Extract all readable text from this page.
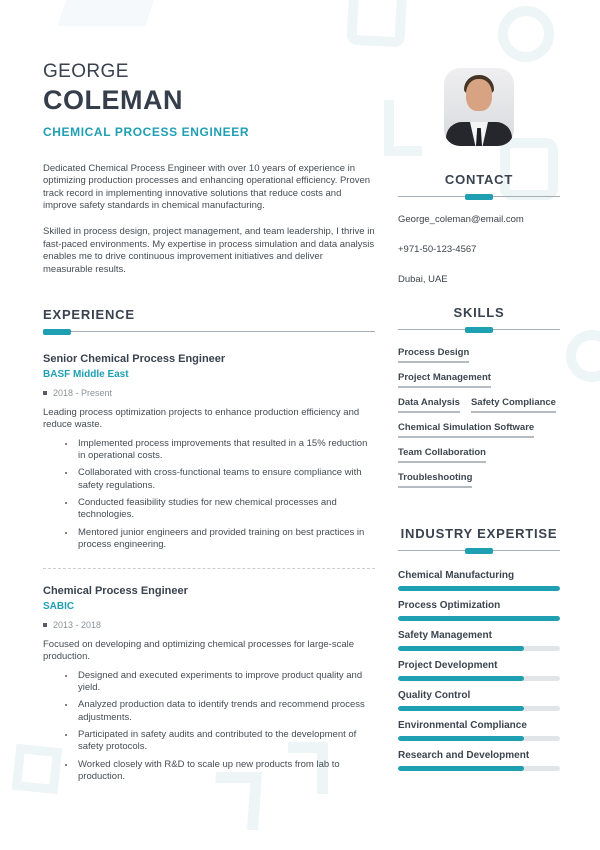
GEORGE
COLEMAN
CHEMICAL PROCESS ENGINEER

Dedicated Chemical Process Engineer with over 10 years of experience in optimizing production processes and enhancing operational efficiency. Proven track record in implementing innovative solutions that reduce costs and improve safety standards in chemical manufacturing.

Skilled in process design, project management, and team leadership, I thrive in fast-paced environments. My expertise in process simulation and data analysis enables me to drive continuous improvement initiatives and deliver measurable results.

EXPERIENCE
Senior Chemical Process Engineer
BASF Middle East
2018 - Present
Leading process optimization projects to enhance production efficiency and reduce waste.
• Implemented process improvements that resulted in a 15% reduction in operational costs.
• Collaborated with cross-functional teams to ensure compliance with safety regulations.
• Conducted feasibility studies for new chemical processes and technologies.
• Mentored junior engineers and provided training on best practices in process engineering.
Chemical Process Engineer
SABIC
2013 - 2018
Focused on developing and optimizing chemical processes for large-scale production.
• Designed and executed experiments to improve product quality and yield.
• Analyzed production data to identify trends and recommend process adjustments.
• Participated in safety audits and contributed to the development of safety protocols.
• Worked closely with R&D to scale up new products from lab to production.
CONTACT
George_coleman@email.com
+971-50-123-4567
Dubai, UAE
SKILLS
Process Design
Project Management
Data Analysis Safety Compliance
Chemical Simulation Software
Team Collaboration
Troubleshooting
INDUSTRY EXPERTISE
Chemical Manufacturing
Process Optimization
Safety Management
Project Development
Quality Control
Environmental Compliance
Research and Development
